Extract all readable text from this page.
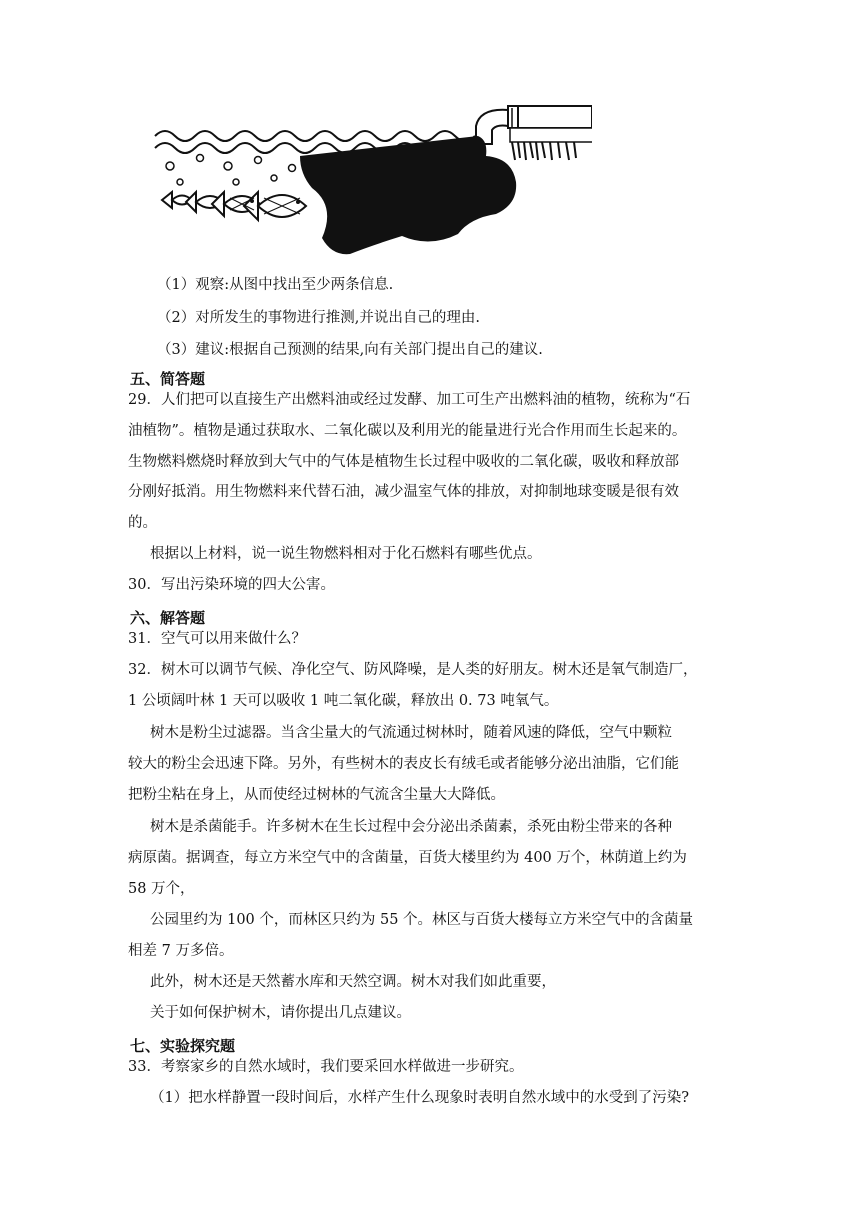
（1）观察:从图中找出至少两条信息.
（2）对所发生的事物进行推测,并说出自己的理由.
（3）建议:根据自己预测的结果,向有关部门提出自己的建议.
五、简答题
29．人们把可以直接生产出燃料油或经过发酵、加工可生产出燃料油的植物，统称为“石
油植物”。植物是通过获取水、二氧化碳以及利用光的能量进行光合作用而生长起来的。
生物燃料燃烧时释放到大气中的气体是植物生长过程中吸收的二氧化碳，吸收和释放部
分刚好抵消。用生物燃料来代替石油，减少温室气体的排放，对抑制地球变暖是很有效
的。
根据以上材料，说一说生物燃料相对于化石燃料有哪些优点。
30．写出污染环境的四大公害。
六、解答题
31．空气可以用来做什么？
32．树木可以调节气候、净化空气、防风降噪，是人类的好朋友。树木还是氧气制造厂，
1 公顷阔叶林 1 天可以吸收 1 吨二氧化碳，释放出 0. 73 吨氧气。
树木是粉尘过滤器。当含尘量大的气流通过树林时，随着风速的降低，空气中颗粒
较大的粉尘会迅速下降。另外，有些树木的表皮长有绒毛或者能够分泌出油脂，它们能
把粉尘粘在身上，从而使经过树林的气流含尘量大大降低。
树木是杀菌能手。许多树木在生长过程中会分泌出杀菌素，杀死由粉尘带来的各种
病原菌。据调查，每立方米空气中的含菌量，百货大楼里约为 400 万个，林荫道上约为
58 万个，
公园里约为 100 个，而林区只约为 55 个。林区与百货大楼每立方米空气中的含菌量
相差 7 万多倍。
此外，树木还是天然蓄水库和天然空调。树木对我们如此重要，
关于如何保护树木，请你提出几点建议。
七、实验探究题
33．考察家乡的自然水域时，我们要采回水样做进一步研究。
（1）把水样静置一段时间后，水样产生什么现象时表明自然水域中的水受到了污染?
